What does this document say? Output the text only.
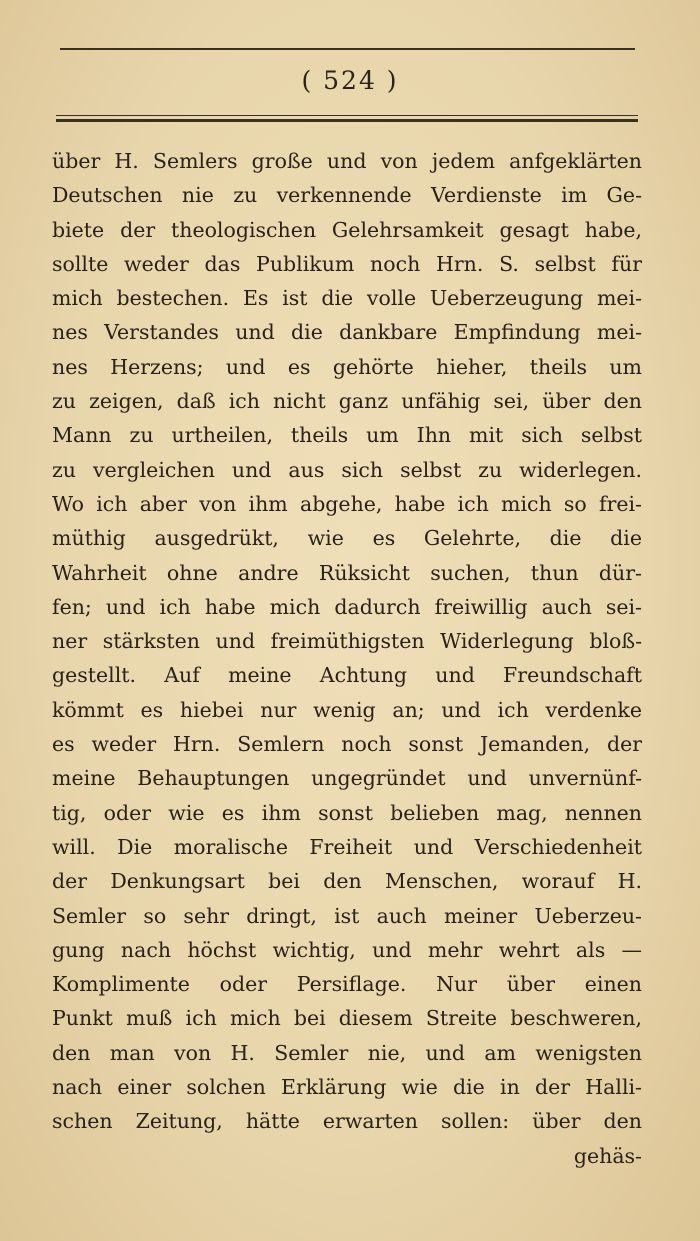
( 524 )
über H. Semlers große und von jedem anfgeklärten
Deutschen nie zu verkennende Verdienste im Ge-
biete der theologischen Gelehrsamkeit gesagt habe,
sollte weder das Publikum noch Hrn. S. selbst für
mich bestechen. Es ist die volle Ueberzeugung mei-
nes Verstandes und die dankbare Empfindung mei-
nes Herzens; und es gehörte hieher, theils um
zu zeigen, daß ich nicht ganz unfähig sei, über den
Mann zu urtheilen, theils um Ihn mit sich selbst
zu vergleichen und aus sich selbst zu widerlegen.
Wo ich aber von ihm abgehe, habe ich mich so frei-
müthig ausgedrükt, wie es Gelehrte, die die
Wahrheit ohne andre Rüksicht suchen, thun dür-
fen; und ich habe mich dadurch freiwillig auch sei-
ner stärksten und freimüthigsten Widerlegung bloß-
gestellt. Auf meine Achtung und Freundschaft
kömmt es hiebei nur wenig an; und ich verdenke
es weder Hrn. Semlern noch sonst Jemanden, der
meine Behauptungen ungegründet und unvernünf-
tig, oder wie es ihm sonst belieben mag, nennen
will. Die moralische Freiheit und Verschiedenheit
der Denkungsart bei den Menschen, worauf H.
Semler so sehr dringt, ist auch meiner Ueberzeu-
gung nach höchst wichtig, und mehr wehrt als —
Komplimente oder Persiflage. Nur über einen
Punkt muß ich mich bei diesem Streite beschweren,
den man von H. Semler nie, und am wenigsten
nach einer solchen Erklärung wie die in der Halli-
schen Zeitung, hätte erwarten sollen: über den
gehäs-
